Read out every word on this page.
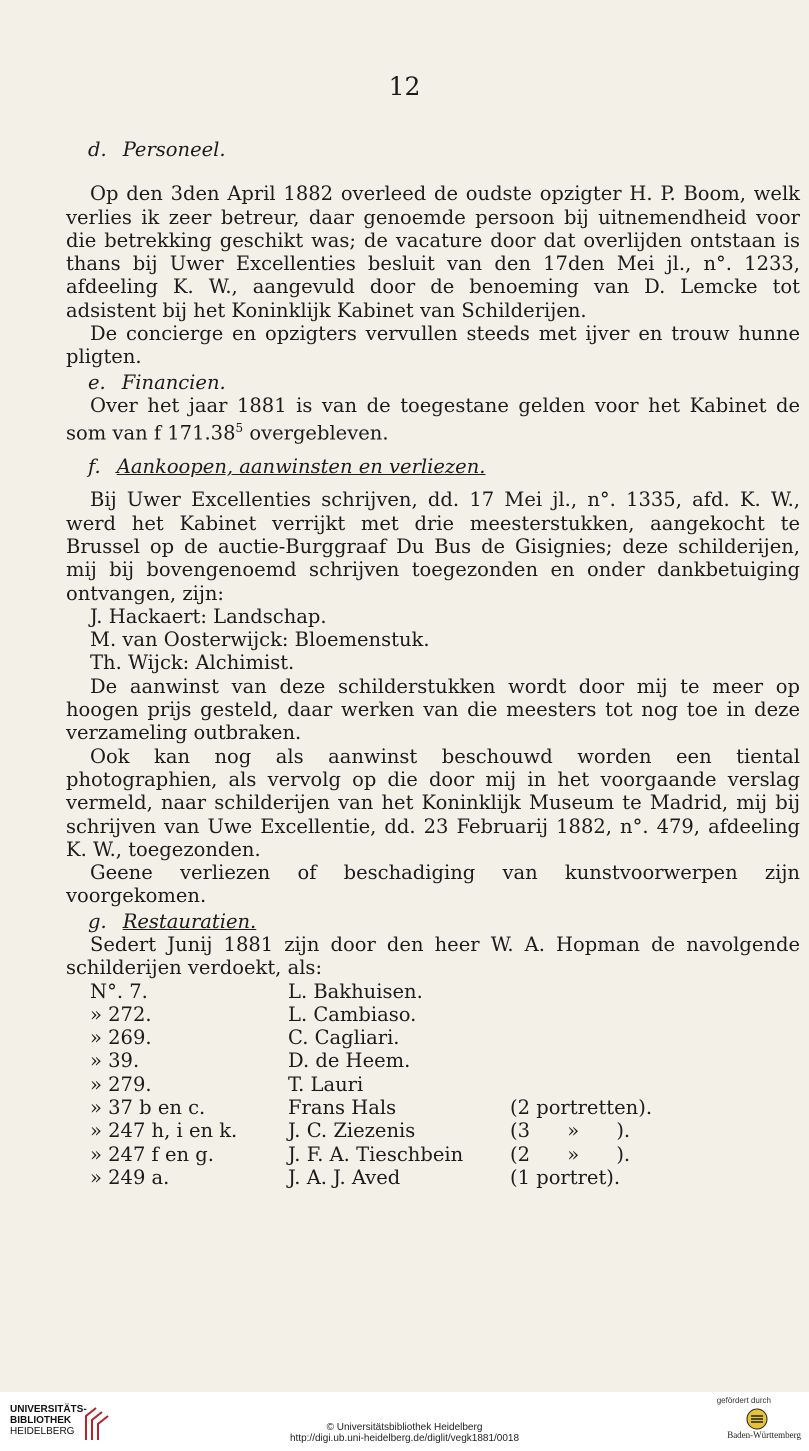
12

d. Personeel.

Op den 3den April 1882 overleed de oudste opzigter H. P. Boom, welk verlies ik zeer betreur, daar genoemde persoon bij uitnemendheid voor die betrekking geschikt was; de vacature door dat overlijden ontstaan is thans bij Uwer Excellenties besluit van den 17den Mei jl., n°. 1233, afdeeling K. W., aangevuld door de benoeming van D. Lemcke tot adsistent bij het Koninklijk Kabinet van Schilderijen.

De concierge en opzigters vervullen steeds met ijver en trouw hunne pligten.

e. Financien.

Over het jaar 1881 is van de toegestane gelden voor het Kabinet de som van f 171.38$^5$ overgebleven.

f. Aankoopen, aanwinsten en verliezen.

Bij Uwer Excellenties schrijven, dd. 17 Mei jl., n°. 1335, afd. K. W., werd het Kabinet verrijkt met drie meesterstukken, aangekocht te Brussel op de auctie-Burggraaf Du Bus de Gisignies; deze schilderijen, mij bij bovengenoemd schrijven toegezonden en onder dankbetuiging ontvangen, zijn:

J. Hackaert: Landschap.

M. van Oosterwijck: Bloemenstuk.

Th. Wijck: Alchimist.

De aanwinst van deze schilderstukken wordt door mij te meer op hoogen prijs gesteld, daar werken van die meesters tot nog toe in deze verzameling outbraken.

Ook kan nog als aanwinst beschouwd worden een tiental photographien, als vervolg op die door mij in het voorgaande verslag vermeld, naar schilderijen van het Koninklijk Museum te Madrid, mij bij schrijven van Uwe Excellentie, dd. 23 Februarij 1882, n°. 479, afdeeling K. W., toegezonden.

Geene verliezen of beschadiging van kunstvoorwerpen zijn voorgekomen.

g. Restauratien.

Sedert Junij 1881 zijn door den heer W. A. Hopman de navolgende schilderijen verdoekt, als:

N°. 7.	L. Bakhuisen.	
» 272.	L. Cambiaso.	
» 269.	C. Cagliari.	
» 39.	D. de Heem.	
» 279.	T. Lauri	
» 37 b en c.	Frans Hals	(2 portretten).
» 247 h, i en k.	J. C. Ziezenis	(3      »      ).
» 247 f en g.	J. F. A. Tieschbein	(2      »      ).
» 249 a.	J. A. J. Aved	(1 portret).
UNIVERSITÄTS-
BIBLIOTHEK
HEIDELBERG	© Universitätsbibliothek Heidelberg
http://digi.ub.uni-heidelberg.de/diglit/vegk1881/0018
gefördert durch
Baden-Württemberg
